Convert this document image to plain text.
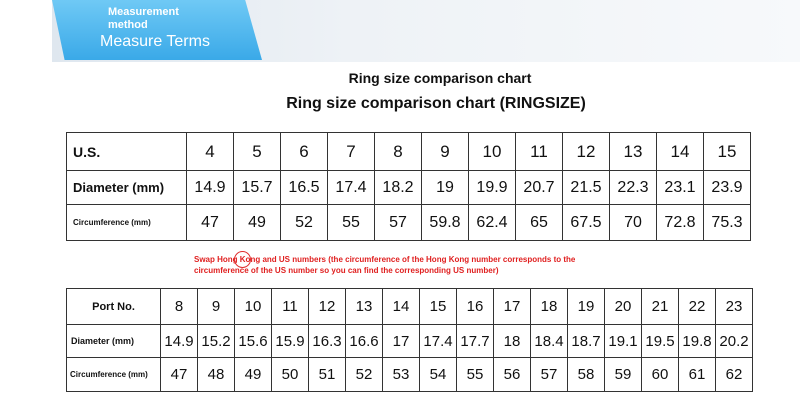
Measurement
method
Measure Terms
Ring size comparison chart
Ring size comparison chart (RINGSIZE)
U.S.	4	5	6	7	8	9	10	11	12	13	14	15
Diameter (mm)	14.9	15.7	16.5	17.4	18.2	19	19.9	20.7	21.5	22.3	23.1	23.9
Circumference (mm)	47	49	52	55	57	59.8	62.4	65	67.5	70	72.8	75.3
Swap Hong Kong and US numbers (the circumference of the Hong Kong number corresponds to the
circumference of the US number so you can find the corresponding US number)
Port No.	8	9	10	11	12	13	14	15	16	17	18	19	20	21	22	23
Diameter (mm)	14.9	15.2	15.6	15.9	16.3	16.6	17	17.4	17.7	18	18.4	18.7	19.1	19.5	19.8	20.2
Circumference (mm)	47	48	49	50	51	52	53	54	55	56	57	58	59	60	61	62
